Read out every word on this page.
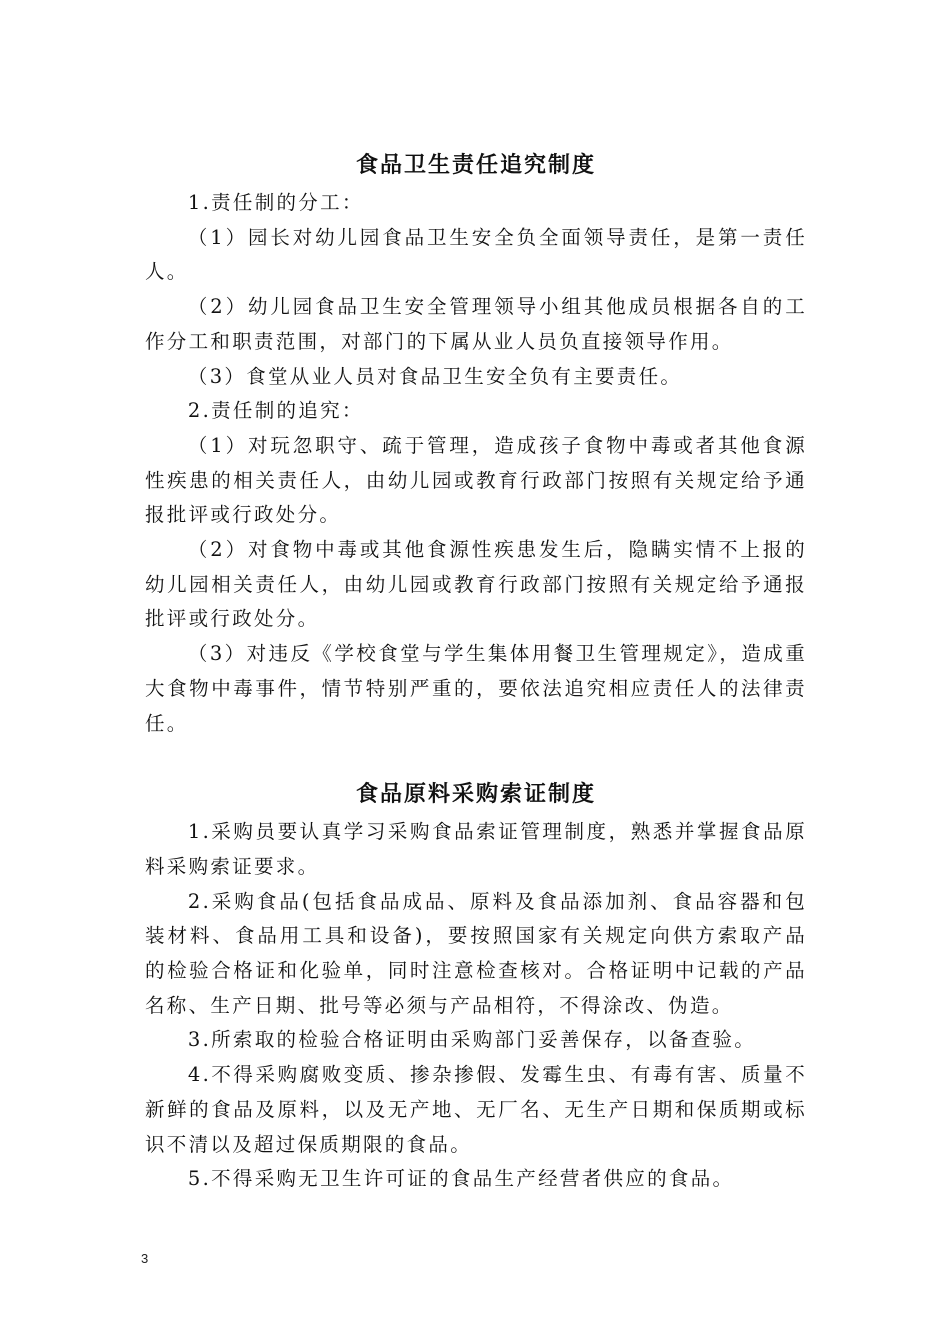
食品卫生责任追究制度

1.责任制的分工：

（1）园长对幼儿园食品卫生安全负全面领导责任，是第一责任人。

（2）幼儿园食品卫生安全管理领导小组其他成员根据各自的工作分工和职责范围，对部门的下属从业人员负直接领导作用。

（3）食堂从业人员对食品卫生安全负有主要责任。

2.责任制的追究：

（1）对玩忽职守、疏于管理，造成孩子食物中毒或者其他食源性疾患的相关责任人，由幼儿园或教育行政部门按照有关规定给予通报批评或行政处分。

（2）对食物中毒或其他食源性疾患发生后，隐瞒实情不上报的幼儿园相关责任人，由幼儿园或教育行政部门按照有关规定给予通报批评或行政处分。

（3）对违反《学校食堂与学生集体用餐卫生管理规定》，造成重大食物中毒事件，情节特别严重的，要依法追究相应责任人的法律责任。

食品原料采购索证制度

1.采购员要认真学习采购食品索证管理制度，熟悉并掌握食品原料采购索证要求。

2.采购食品(包括食品成品、原料及食品添加剂、食品容器和包装材料、食品用工具和设备)，要按照国家有关规定向供方索取产品的检验合格证和化验单，同时注意检查核对。合格证明中记载的产品名称、生产日期、批号等必须与产品相符，不得涂改、伪造。

3.所索取的检验合格证明由采购部门妥善保存，以备查验。

4.不得采购腐败变质、掺杂掺假、发霉生虫、有毒有害、质量不新鲜的食品及原料，以及无产地、无厂名、无生产日期和保质期或标识不清以及超过保质期限的食品。

5.不得采购无卫生许可证的食品生产经营者供应的食品。

3
